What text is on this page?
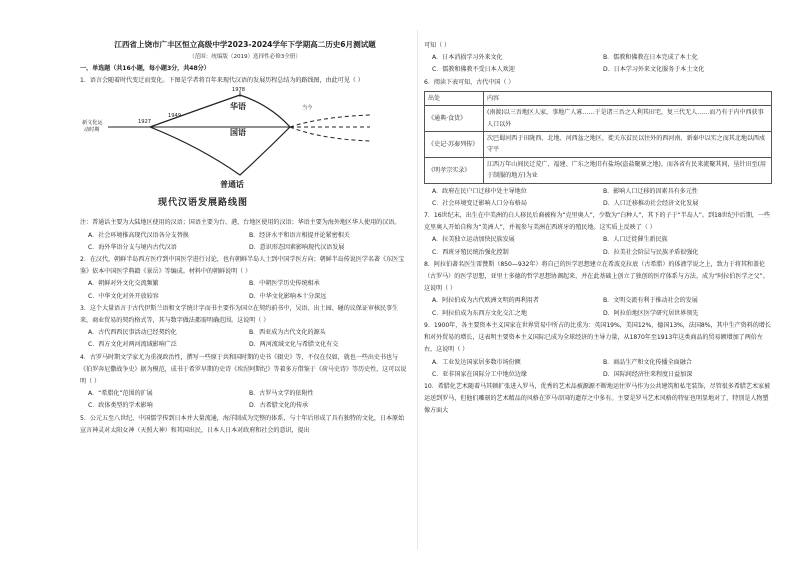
江西省上饶市广丰区恒立高级中学2023-2024学年下学期高二历史6月测试题
（范围：统编版（2019）选择性必修3全册）
一、单选题（共16小题，每小题3分，共48分）
1．语言会随着时代变迁而变化。下图是学者将百年来现代汉语的发展历程总结为的路线图，由此可见（ ）
1978
1927
1949
新文化运
动时期
华语
国语
普通话
当今
现代汉语发展路线图
注：普通话主要为大陆地区使用的汉语；国语主要为台、港、台地区使用的汉语；华语主要为海外地区华人使用的汉语。
A．社会环境推高现代汉语各分支替换	B．经济水平和语言相提并论紧密相关
C．海外华语分支与境内古代汉语	D．意识形态因素影响现代汉语发展
2．在汉代，朝鲜半岛西方医疗到中国医学进行讨论，也有朝鲜半岛人士到中国学医方向；朝鲜半岛传说医学名著《东医宝鉴》依本中国医学典籍《景岳》等编成。材料中的朝鲜说明（ ）
A．朝鲜对外文化交流频繁	B．中朝医学历史传统相承
C．中华文化对外开放较容	D．中华文化影响本十分深远
3．这个大量语言于古代伊斯兰语和文学统计字而书主要作为国立在契约前书中，吴语、出土园、碰的议保证审核民事生来，商业贸易的契约格式等，其与数字做法都需明确范围。这说明（ ）
A．古代西西民事活动已经契约化	B．西亚成为古代文化的源头
C．西方文化对两河流域影响广泛	D．两河流域文化与希腊文化有交
4．古罗马时期文学家尤为重视政治性，撰写一些原于共和国时期的史书《辍史》等，不仅在仅如，就也一些出史书也与《伯罗奔尼撒战争史》据为模范，成书于希罗早期的史诗《埃涅阿斯纪》等着多方借鉴于《荷马史诗》等历史性，这可以说明（ ）
A．“希腊化”范围的扩展	B．古罗马文学的依附性
C．政体类型的学术影响	D．古希腊文化的传承
5．公元五至八世纪，中国儒学传到日本并大量流通，海洋制成为完整的体系，与十年后形成了具有独特的文化，日本原始宣言神灵对太阳女神（天照大神）和其国出民，日本人日本对政府和社会的意识，提出
可知（ ）
A．日本消损学习外来文化	B．儒教和佛教在日本完成了本土化
C．儒教和佛教不受日本人欢迎	D．日本学习外来文化服务于本土文化
6．阅读下表可知，古代中国（ ）
出处	内容
《通典·食货》	(南渡)以三吾地区人家，事地广人寡……于是诸三吾之人利其田宅，复三代无人……而乃有于内中西获事人口以外
《史记·苏秦列传》	次巴蜀河西于田陇西、北地、河西盆之地区，徙关东贫民以往外的西河南、新秦中以实之而其北地以西戍守平
《明孝宗实录》	江西万年山间民迁荒广、福建、广东之地旧有盐场(盗盐聚寨之地)，而各省有民来流聚其间，垦针田至(用于制服的地方)为业
A．政府在民户口迁移中处主导地位	B．影响人口迁移的因素具有多元性
C．社会环境变迁影响人口分布格局	D．人口迁移推动社会经济文化发展
7．16世纪末，出生在中美洲的白人移民后裔被称为“克里奥人”，少数为“白种人”，其下的子于“半岛人”。到18世纪中后期，一些克里奥人开始自称为“美洲人”，并视参与美洲在西班牙的殖民地。这实质上反映了（ ）
A．拉美独立运动加快民族发展	B．人口迁徙催生新民族
C．西班牙殖民统治强化控制	D．拉美社会阶层与民族矛盾很强化
8．阿拉伯著名医生雷赞斯（850—932年）将自己的医学思想建立在希波克拉底（古希腊）的体液学说之上，致力于将其和盖伦（古罗马）的医学思想，亚里士多德的哲学思想协调起来，并在此基础上创立了独创的医疗体系与方法，成为“阿拉伯医学之父”。这说明（ ）
A．阿拉伯成为古代欧洲文明的再利用者	B．文明交流有利于推动社会的发展
C．阿拉伯成为东西方文化交汇之地	D．阿拉伯地区医学研究居世界领先
9．1900年，各主要资本主义国家在世界贸易中所占的比重为：英国19%，美国12%，德国13%，法国8%，其中生产资料的增长和对外贸易的增长，这表明主要资本主义国际已成为全球经济的主导力量，从1870年至1913年这类商品的贸易额增加了两倍左右，这说明（ ）
A．工业发达国家居多数市场份额	B．商品生产和文化传播全面融合
C．亚非国家在国际分工中地位边缘	D．国际间经济往来程度日益加深
10．希腊化艺术随着马其顿扩张进入罗马，优秀的艺术品被源源不断地运往罗马作为公共建筑和私宅装饰，尽管很多希腊艺术家被运送到罗马，但他们雕刻的艺术精品的风格在罗马帝国的遗存之中多有。主要是罗马艺术风格的特征也明显地对了，特别是人物塑像方面大
